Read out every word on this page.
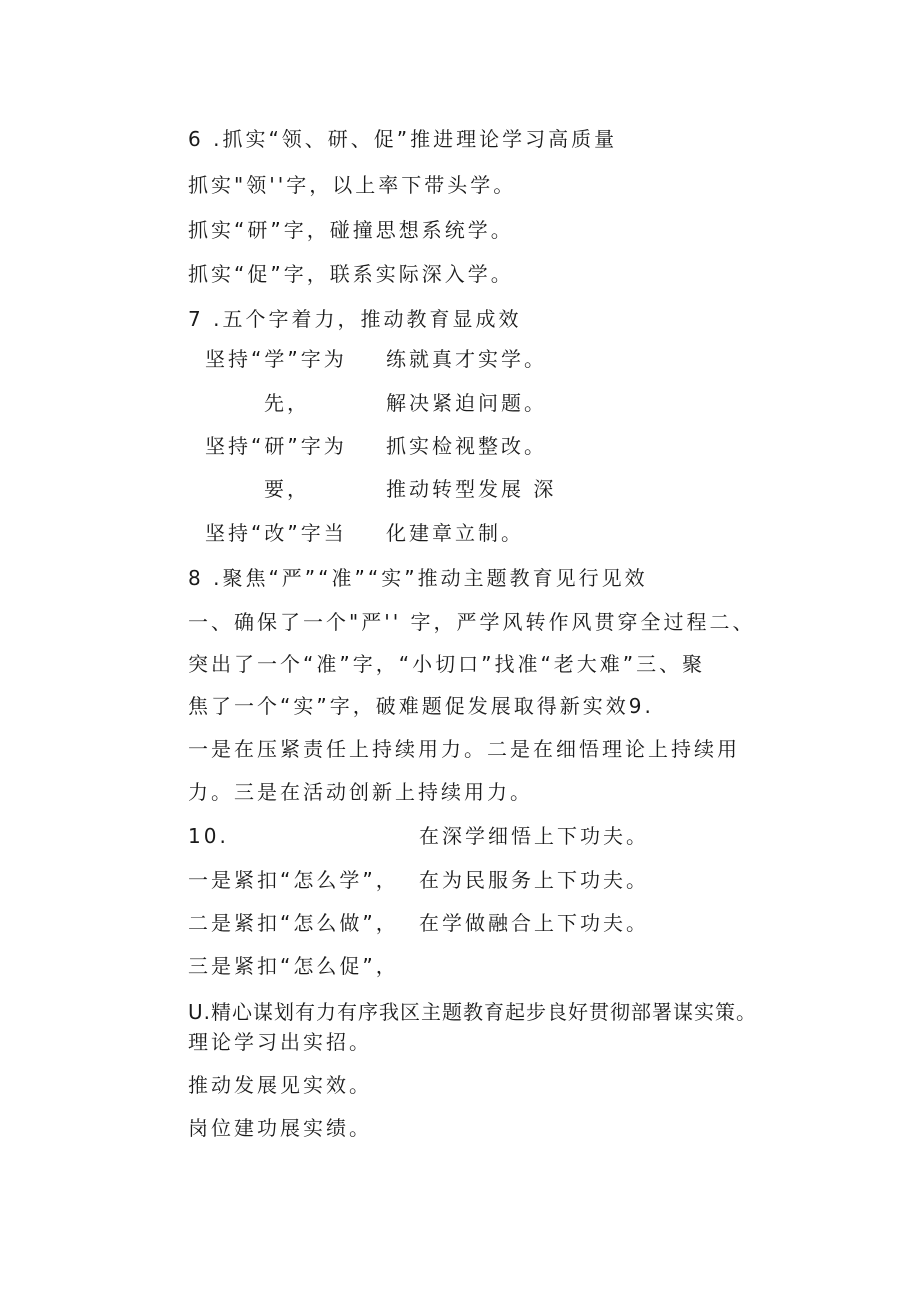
6 .抓实“领、研、促”推进理论学习高质量
抓实"领''字，以上率下带头学。
抓实“研”字，碰撞思想系统学。
抓实“促”字，联系实际深入学。
7 .五个字着力，推动教育显成效
坚持“学”字为 练就真才实学。
先，	解决紧迫问题。
坚持“研”字为 抓实检视整改。
要，	推动转型发展 深
坚持“改”字当 化建章立制。
8 .聚焦“严”“准”“实”推动主题教育见行见效
一、确保了一个"严'' 字，严学风转作风贯穿全过程二、
突出了一个“准”字，“小切口”找准“老大难”三、聚
焦了一个“实”字，破难题促发展取得新实效9.
一是在压紧责任上持续用力。二是在细悟理论上持续用
力。三是在活动创新上持续用力。
10.	在深学细悟上下功夫。
一是紧扣“怎么学”， 在为民服务上下功夫。
二是紧扣“怎么做”， 在学做融合上下功夫。
三是紧扣“怎么促”，
U.精心谋划有力有序我区主题教育起步良好贯彻部署谋实策。
理论学习出实招。
推动发展见实效。
岗位建功展实绩。
